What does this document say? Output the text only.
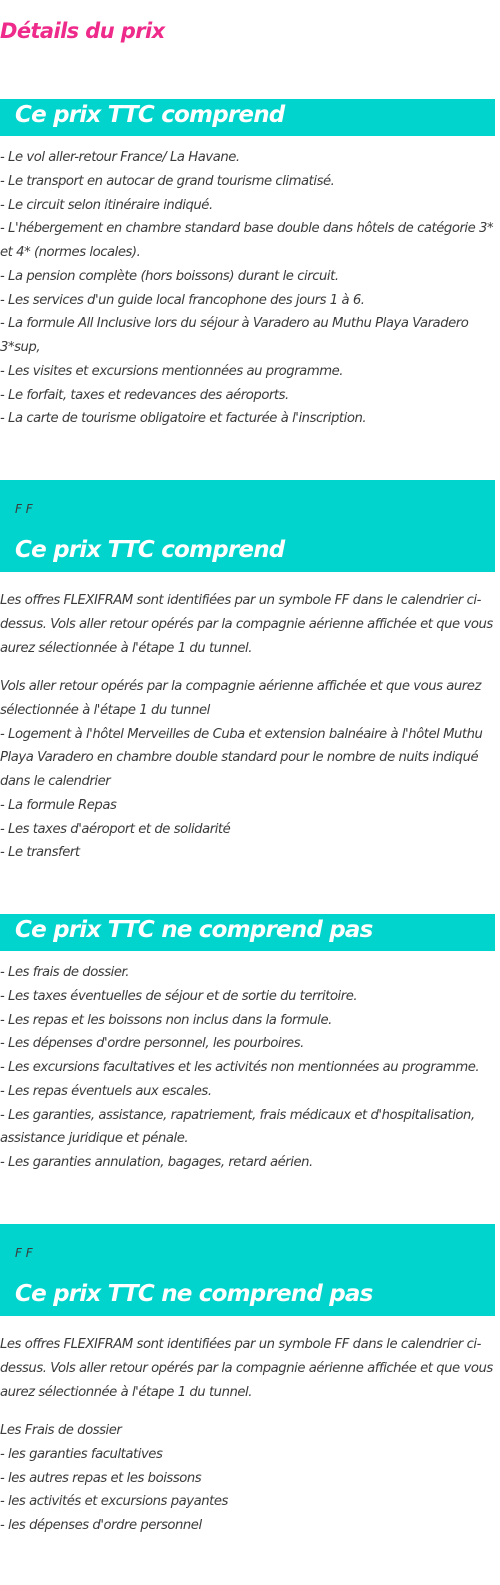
Détails du prix
Ce prix TTC comprend
- Le vol aller-retour France/ La Havane.
- Le transport en autocar de grand tourisme climatisé.
- Le circuit selon itinéraire indiqué.
- L'hébergement en chambre standard base double dans hôtels de catégorie 3*
et 4* (normes locales).
- La pension complète (hors boissons) durant le circuit.
- Les services d'un guide local francophone des jours 1 à 6.
- La formule All Inclusive lors du séjour à Varadero au Muthu Playa Varadero
3*sup,
- Les visites et excursions mentionnées au programme.
- Le forfait, taxes et redevances des aéroports.
- La carte de tourisme obligatoire et facturée à l'inscription.
F F
Ce prix TTC comprend

Les offres FLEXIFRAM sont identifiées par un symbole FF dans le calendrier ci-
dessus. Vols aller retour opérés par la compagnie aérienne affichée et que vous
aurez sélectionnée à l'étape 1 du tunnel.

Vols aller retour opérés par la compagnie aérienne affichée et que vous aurez
sélectionnée à l'étape 1 du tunnel
- Logement à l'hôtel Merveilles de Cuba et extension balnéaire à l'hôtel Muthu
Playa Varadero en chambre double standard pour le nombre de nuits indiqué
dans le calendrier
- La formule Repas
- Les taxes d'aéroport et de solidarité
- Le transfert
Ce prix TTC ne comprend pas
- Les frais de dossier.
- Les taxes éventuelles de séjour et de sortie du territoire.
- Les repas et les boissons non inclus dans la formule.
- Les dépenses d'ordre personnel, les pourboires.
- Les excursions facultatives et les activités non mentionnées au programme.
- Les repas éventuels aux escales.
- Les garanties, assistance, rapatriement, frais médicaux et d'hospitalisation,
assistance juridique et pénale.
- Les garanties annulation, bagages, retard aérien.
F F
Ce prix TTC ne comprend pas

Les offres FLEXIFRAM sont identifiées par un symbole FF dans le calendrier ci-
dessus. Vols aller retour opérés par la compagnie aérienne affichée et que vous
aurez sélectionnée à l'étape 1 du tunnel.

Les Frais de dossier
- les garanties facultatives
- les autres repas et les boissons
- les activités et excursions payantes
- les dépenses d'ordre personnel
